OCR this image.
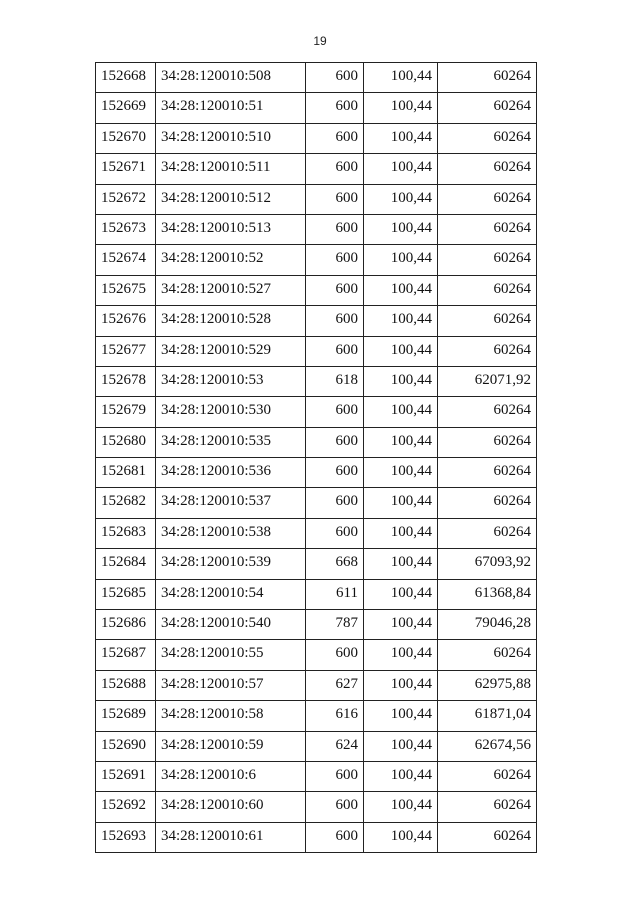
19
152668	34:28:120010:508	600	100,44	60264
152669	34:28:120010:51	600	100,44	60264
152670	34:28:120010:510	600	100,44	60264
152671	34:28:120010:511	600	100,44	60264
152672	34:28:120010:512	600	100,44	60264
152673	34:28:120010:513	600	100,44	60264
152674	34:28:120010:52	600	100,44	60264
152675	34:28:120010:527	600	100,44	60264
152676	34:28:120010:528	600	100,44	60264
152677	34:28:120010:529	600	100,44	60264
152678	34:28:120010:53	618	100,44	62071,92
152679	34:28:120010:530	600	100,44	60264
152680	34:28:120010:535	600	100,44	60264
152681	34:28:120010:536	600	100,44	60264
152682	34:28:120010:537	600	100,44	60264
152683	34:28:120010:538	600	100,44	60264
152684	34:28:120010:539	668	100,44	67093,92
152685	34:28:120010:54	611	100,44	61368,84
152686	34:28:120010:540	787	100,44	79046,28
152687	34:28:120010:55	600	100,44	60264
152688	34:28:120010:57	627	100,44	62975,88
152689	34:28:120010:58	616	100,44	61871,04
152690	34:28:120010:59	624	100,44	62674,56
152691	34:28:120010:6	600	100,44	60264
152692	34:28:120010:60	600	100,44	60264
152693	34:28:120010:61	600	100,44	60264
